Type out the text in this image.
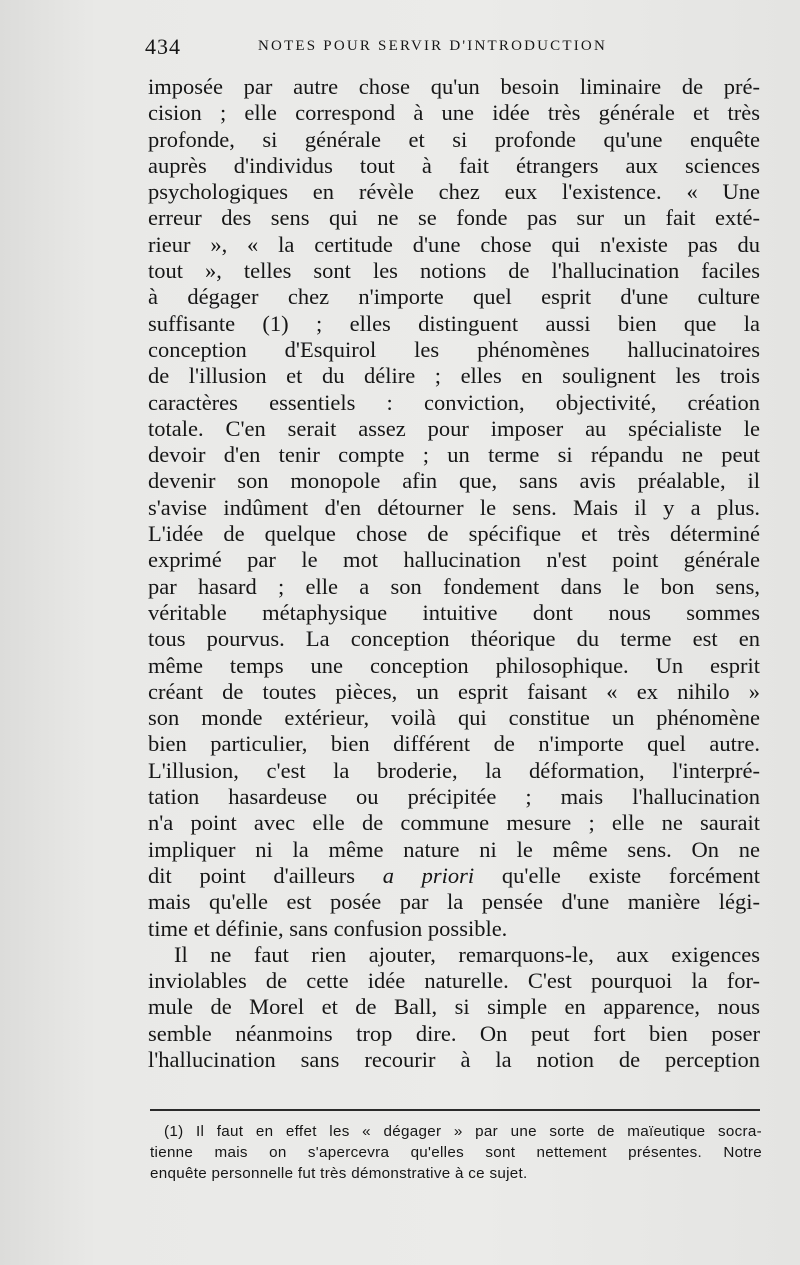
434	NOTES POUR SERVIR D'INTRODUCTION
imposée par autre chose qu'un besoin liminaire de pré-
cision ; elle correspond à une idée très générale et très
profonde, si générale et si profonde qu'une enquête
auprès d'individus tout à fait étrangers aux sciences
psychologiques en révèle chez eux l'existence. « Une
erreur des sens qui ne se fonde pas sur un fait exté-
rieur », « la certitude d'une chose qui n'existe pas du
tout », telles sont les notions de l'hallucination faciles
à dégager chez n'importe quel esprit d'une culture
suffisante (1) ; elles distinguent aussi bien que la
conception d'Esquirol les phénomènes hallucinatoires
de l'illusion et du délire ; elles en soulignent les trois
caractères essentiels : conviction, objectivité, création
totale. C'en serait assez pour imposer au spécialiste le
devoir d'en tenir compte ; un terme si répandu ne peut
devenir son monopole afin que, sans avis préalable, il
s'avise indûment d'en détourner le sens. Mais il y a plus.
L'idée de quelque chose de spécifique et très déterminé
exprimé par le mot hallucination n'est point générale
par hasard ; elle a son fondement dans le bon sens,
véritable métaphysique intuitive dont nous sommes
tous pourvus. La conception théorique du terme est en
même temps une conception philosophique. Un esprit
créant de toutes pièces, un esprit faisant « ex nihilo »
son monde extérieur, voilà qui constitue un phénomène
bien particulier, bien différent de n'importe quel autre.
L'illusion, c'est la broderie, la déformation, l'interpré-
tation hasardeuse ou précipitée ; mais l'hallucination
n'a point avec elle de commune mesure ; elle ne saurait
impliquer ni la même nature ni le même sens. On ne
dit point d'ailleurs a priori qu'elle existe forcément
mais qu'elle est posée par la pensée d'une manière légi-
time et définie, sans confusion possible.
Il ne faut rien ajouter, remarquons-le, aux exigences
inviolables de cette idée naturelle. C'est pourquoi la for-
mule de Morel et de Ball, si simple en apparence, nous
semble néanmoins trop dire. On peut fort bien poser
l'hallucination sans recourir à la notion de perception
(1) Il faut en effet les « dégager » par une sorte de maïeutique socra-
tienne mais on s'apercevra qu'elles sont nettement présentes. Notre
enquête personnelle fut très démonstrative à ce sujet.
